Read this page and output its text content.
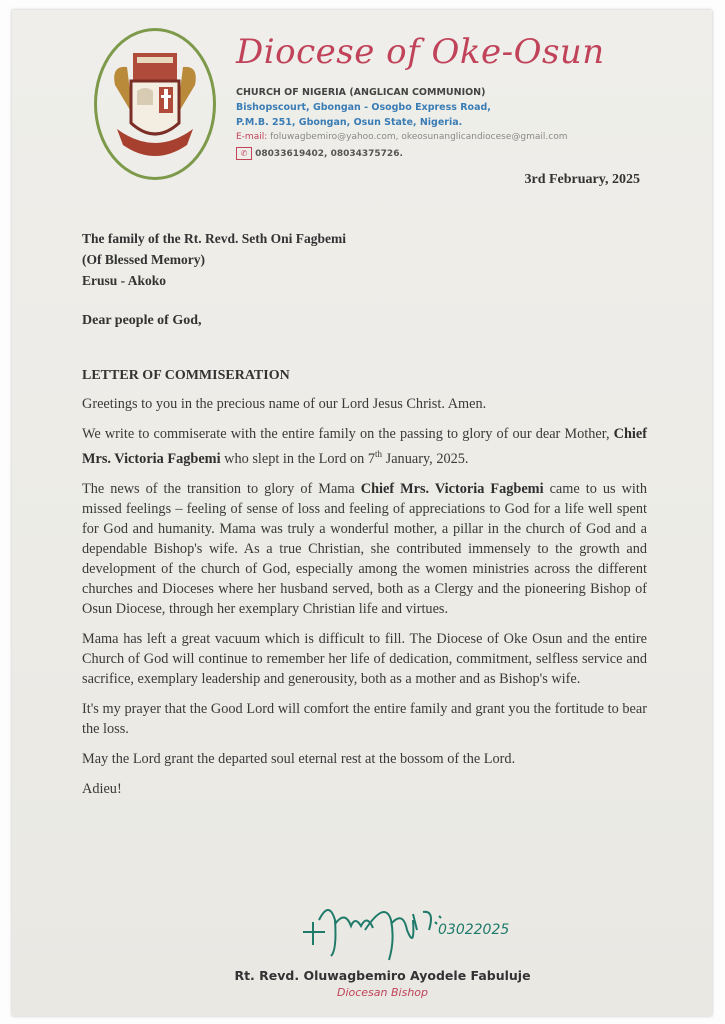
Diocese of Oke-Osun
CHURCH OF NIGERIA (ANGLICAN COMMUNION)
Bishopscourt, Gbongan - Osogbo Express Road,
P.M.B. 251, Gbongan, Osun State, Nigeria.
E-mail: foluwagbemiro@yahoo.com, okeosunanglicandiocese@gmail.com
✆ 08033619402, 08034375726.
3rd February, 2025
The family of the Rt. Revd. Seth Oni Fagbemi
(Of Blessed Memory)
Erusu - Akoko
Dear people of God,
LETTER OF COMMISERATION

Greetings to you in the precious name of our Lord Jesus Christ. Amen.

We write to commiserate with the entire family on the passing to glory of our dear Mother, Chief Mrs. Victoria Fagbemi who slept in the Lord on 7th January, 2025.

The news of the transition to glory of Mama Chief Mrs. Victoria Fagbemi came to us with missed feelings – feeling of sense of loss and feeling of appreciations to God for a life well spent for God and humanity. Mama was truly a wonderful mother, a pillar in the church of God and a dependable Bishop's wife. As a true Christian, she contributed immensely to the growth and development of the church of God, especially among the women ministries across the different churches and Dioceses where her husband served, both as a Clergy and the pioneering Bishop of Osun Diocese, through her exemplary Christian life and virtues.

Mama has left a great vacuum which is difficult to fill. The Diocese of Oke Osun and the entire Church of God will continue to remember her life of dedication, commitment, selfless service and sacrifice, exemplary leadership and generousity, both as a mother and as Bishop's wife.

It's my prayer that the Good Lord will comfort the entire family and grant you the fortitude to bear the loss.

May the Lord grant the departed soul eternal rest at the bossom of the Lord.

Adieu!

03022025
Rt. Revd. Oluwagbemiro Ayodele Fabuluje
Diocesan Bishop
